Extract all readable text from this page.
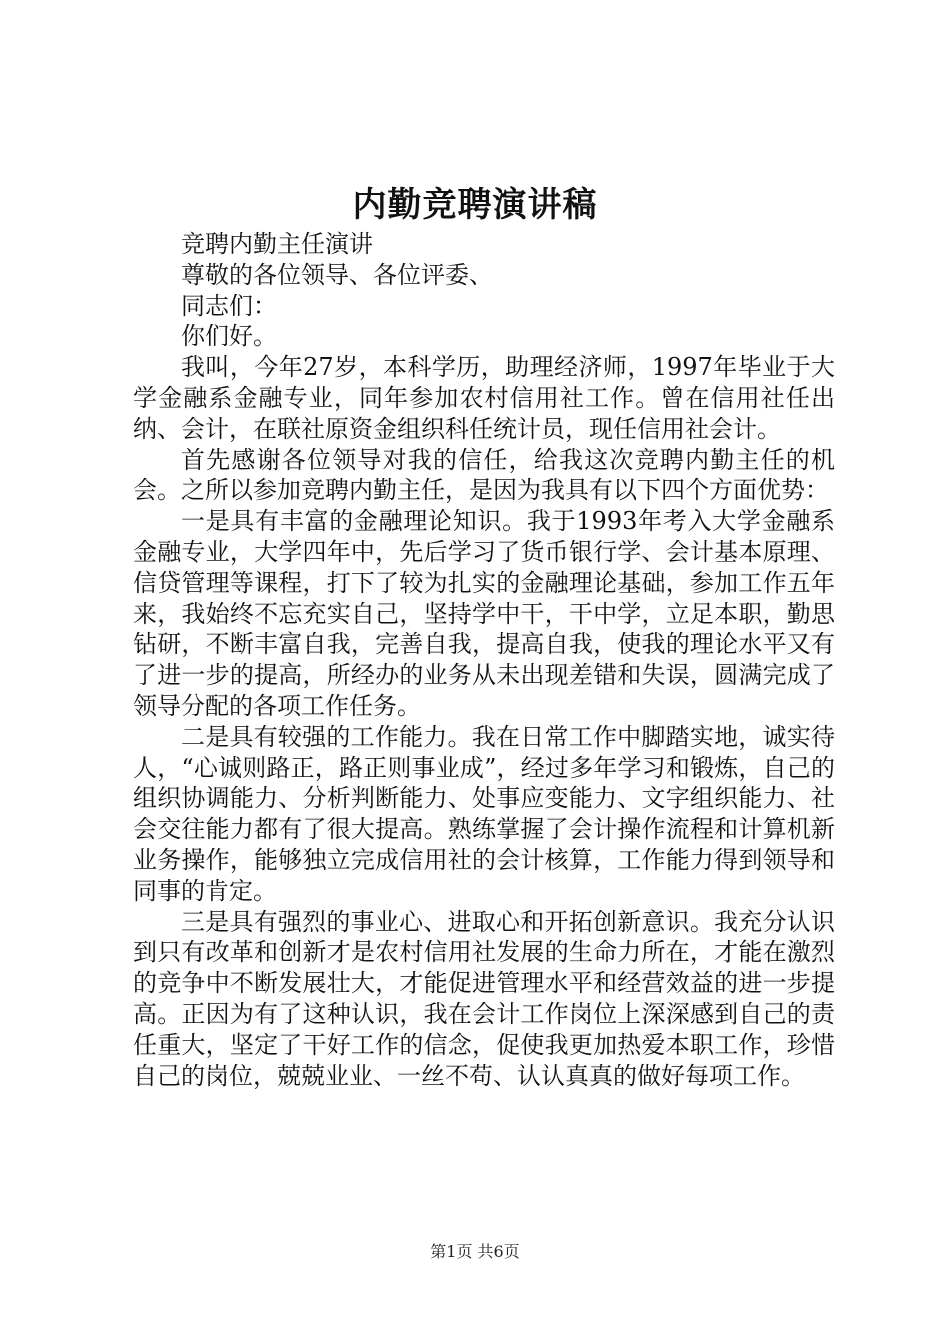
内勤竞聘演讲稿

竞聘内勤主任演讲

尊敬的各位领导、各位评委、

同志们：

你们好。

我叫，今年27岁，本科学历，助理经济师，1997年毕业于大学金融系金融专业，同年参加农村信用社工作。曾在信用社任出纳、会计，在联社原资金组织科任统计员，现任信用社会计。

首先感谢各位领导对我的信任，给我这次竞聘内勤主任的机会。之所以参加竞聘内勤主任，是因为我具有以下四个方面优势：

一是具有丰富的金融理论知识。我于1993年考入大学金融系金融专业，大学四年中，先后学习了货币银行学、会计基本原理、信贷管理等课程，打下了较为扎实的金融理论基础，参加工作五年来，我始终不忘充实自己，坚持学中干，干中学，立足本职，勤思钻研，不断丰富自我，完善自我，提高自我，使我的理论水平又有了进一步的提高，所经办的业务从未出现差错和失误，圆满完成了领导分配的各项工作任务。

二是具有较强的工作能力。我在日常工作中脚踏实地，诚实待人，“心诚则路正，路正则事业成”，经过多年学习和锻炼，自己的组织协调能力、分析判断能力、处事应变能力、文字组织能力、社会交往能力都有了很大提高。熟练掌握了会计操作流程和计算机新业务操作，能够独立完成信用社的会计核算，工作能力得到领导和同事的肯定。

三是具有强烈的事业心、进取心和开拓创新意识。我充分认识到只有改革和创新才是农村信用社发展的生命力所在，才能在激烈的竞争中不断发展壮大，才能促进管理水平和经营效益的进一步提高。正因为有了这种认识，我在会计工作岗位上深深感到自己的责任重大，坚定了干好工作的信念，促使我更加热爱本职工作，珍惜自己的岗位，兢兢业业、一丝不苟、认认真真的做好每项工作。

第1页 共6页
